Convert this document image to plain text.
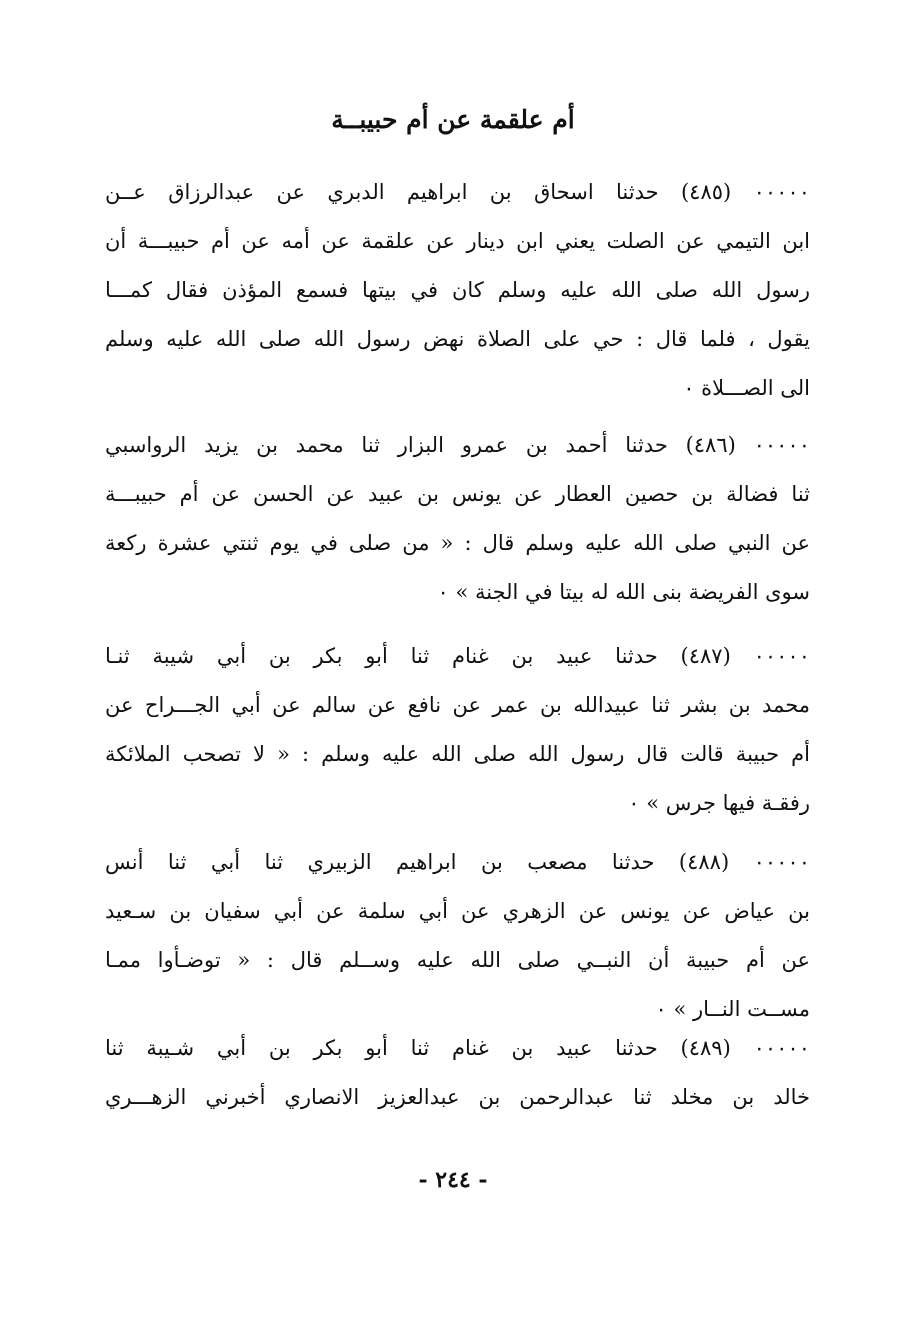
أم علقمة عن أم حبيبــة
٠٠٠٠٠ (٤٨٥) حدثنا اسحاق بن ابراهيم الدبري عن عبدالرزاق عــن
ابن التيمي عن الصلت يعني ابن دينار عن علقمة عن أمه عن أم حبيبـــة أن
رسول الله صلى الله عليه وسلم كان في بيتها فسمع المؤذن فقال كمـــا
يقول ، فلما قال : حي على الصلاة نهض رسول الله صلى الله عليه وسلم
الى الصـــلاة ٠
٠٠٠٠٠ (٤٨٦) حدثنا أحمد بن عمرو البزار ثنا محمد بن يزيد الرواسبي
ثنا فضالة بن حصين العطار عن يونس بن عبيد عن الحسن عن أم حبيبـــة
عن النبي صلى الله عليه وسلم قال : « من صلى في يوم ثنتي عشرة ركعة
سوى الفريضة بنى الله له بيتا في الجنة » ٠
٠٠٠٠٠ (٤٨٧) حدثنا عبيد بن غنام ثنا أبو بكر بن أبي شيبة ثنـا
محمد بن بشر ثنا عبيدالله بن عمر عن نافع عن سالم عن أبي الجـــراح عن
أم حبيبة قالت قال رسول الله صلى الله عليه وسلم : « لا تصحب الملائكة
رفقـة فيها جرس » ٠
٠٠٠٠٠ (٤٨٨) حدثنا مصعب بن ابراهيم الزبيري ثنا أبي ثنا أنس
بن عياض عن يونس عن الزهري عن أبي سلمة عن أبي سفيان بن سـعيد
عن أم حبيبة أن النبــي صلى الله عليه وســلم قال : « توضـأوا ممـا
مســت النــار » ٠
٠٠٠٠٠ (٤٨٩) حدثنا عبيد بن غنام ثنا أبو بكر بن أبي شـيبة ثنا
خالد بن مخلد ثنا عبدالرحمن بن عبدالعزيز الانصاري أخبرني الزهـــري
- ٢٤٤ -
